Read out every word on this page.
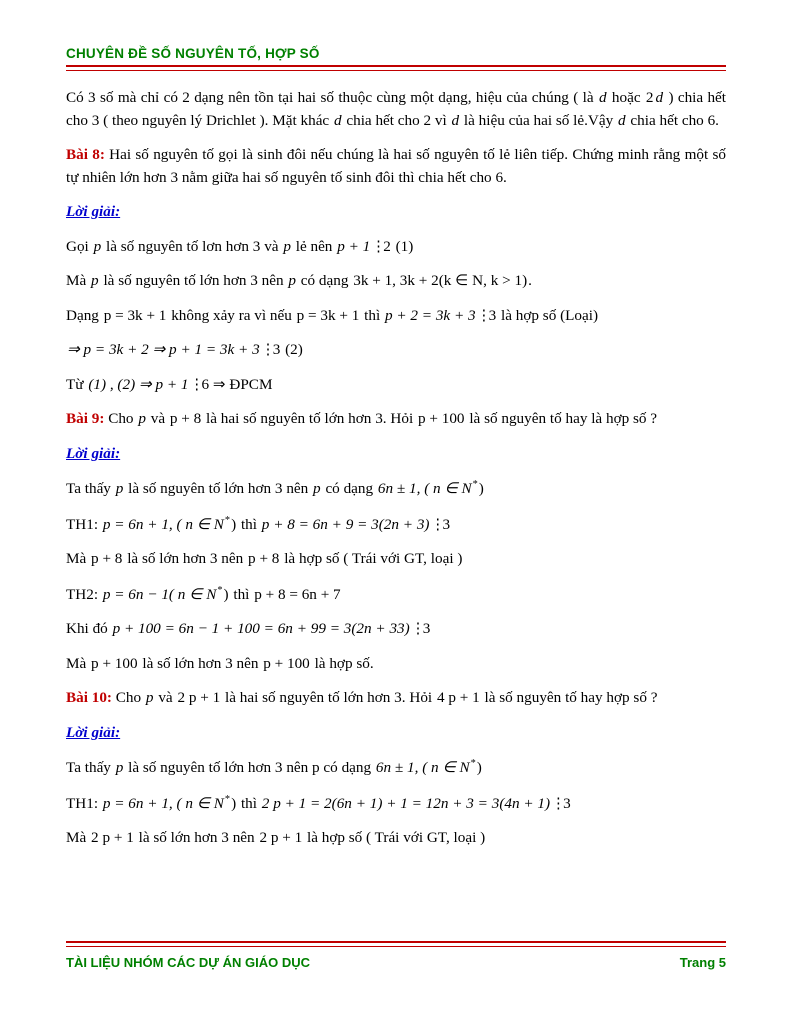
CHUYÊN ĐỀ SỐ NGUYÊN TỐ, HỢP SỐ

Có 3 số mà chỉ có 2 dạng nên tồn tại hai số thuộc cùng một dạng, hiệu của chúng ( là d hoặc 2 d ) chia hết cho 3 ( theo nguyên lý Drichlet ). Mặt khác d chia hết cho 2 vì d là hiệu của hai số lẻ.Vậy d chia hết cho 6.

Bài 8: Hai số nguyên tố gọi là sinh đôi nếu chúng là hai số nguyên tố lẻ liên tiếp. Chứng minh rằng một số tự nhiên lớn hơn 3 nằm giữa hai số nguyên tố sinh đôi thì chia hết cho 6.

Lời giải:

Gọi p là số nguyên tố lơn hơn 3 và p lẻ nên p + 1 ⋮ 2 (1)

Mà p là số nguyên tố lớn hơn 3 nên p có dạng 3k + 1, 3k + 2(k ∈ N, k > 1).

Dạng p = 3k + 1 không xảy ra vì nếu p = 3k + 1 thì p + 2 = 3k + 3 ⋮ 3 là hợp số (Loại)

⇒ p = 3k + 2 ⇒ p + 1 = 3k + 3 ⋮ 3 (2)

Từ (1) , (2) ⇒ p + 1 ⋮ 6 ⇒ ĐPCM

Bài 9: Cho p và p + 8 là hai số nguyên tố lớn hơn 3. Hỏi p + 100 là số nguyên tố hay là hợp số ?

Lời giải:

Ta thấy p là số nguyên tố lớn hơn 3 nên p có dạng 6n ± 1, ( n ∈ N*)

TH1: p = 6n + 1, ( n ∈ N*) thì p + 8 = 6n + 9 = 3(2n + 3) ⋮ 3

Mà p + 8 là số lớn hơn 3 nên p + 8 là hợp số ( Trái với GT, loại )

TH2: p = 6n − 1( n ∈ N*) thì p + 8 = 6n + 7

Khi đó p + 100 = 6n − 1 + 100 = 6n + 99 = 3(2n + 33) ⋮ 3

Mà p + 100 là số lớn hơn 3 nên p + 100 là hợp số.

Bài 10: Cho p và 2 p + 1 là hai số nguyên tố lớn hơn 3. Hỏi 4 p + 1 là số nguyên tố hay hợp số ?

Lời giải:

Ta thấy p là số nguyên tố lớn hơn 3 nên p có dạng 6n ± 1, ( n ∈ N*)

TH1: p = 6n + 1, ( n ∈ N*) thì 2 p + 1 = 2(6n + 1) + 1 = 12n + 3 = 3(4n + 1) ⋮ 3

Mà 2 p + 1 là số lớn hơn 3 nên 2 p + 1 là hợp số ( Trái với GT, loại )

TÀI LIỆU NHÓM CÁC DỰ ÁN GIÁO DỤC	Trang 5
